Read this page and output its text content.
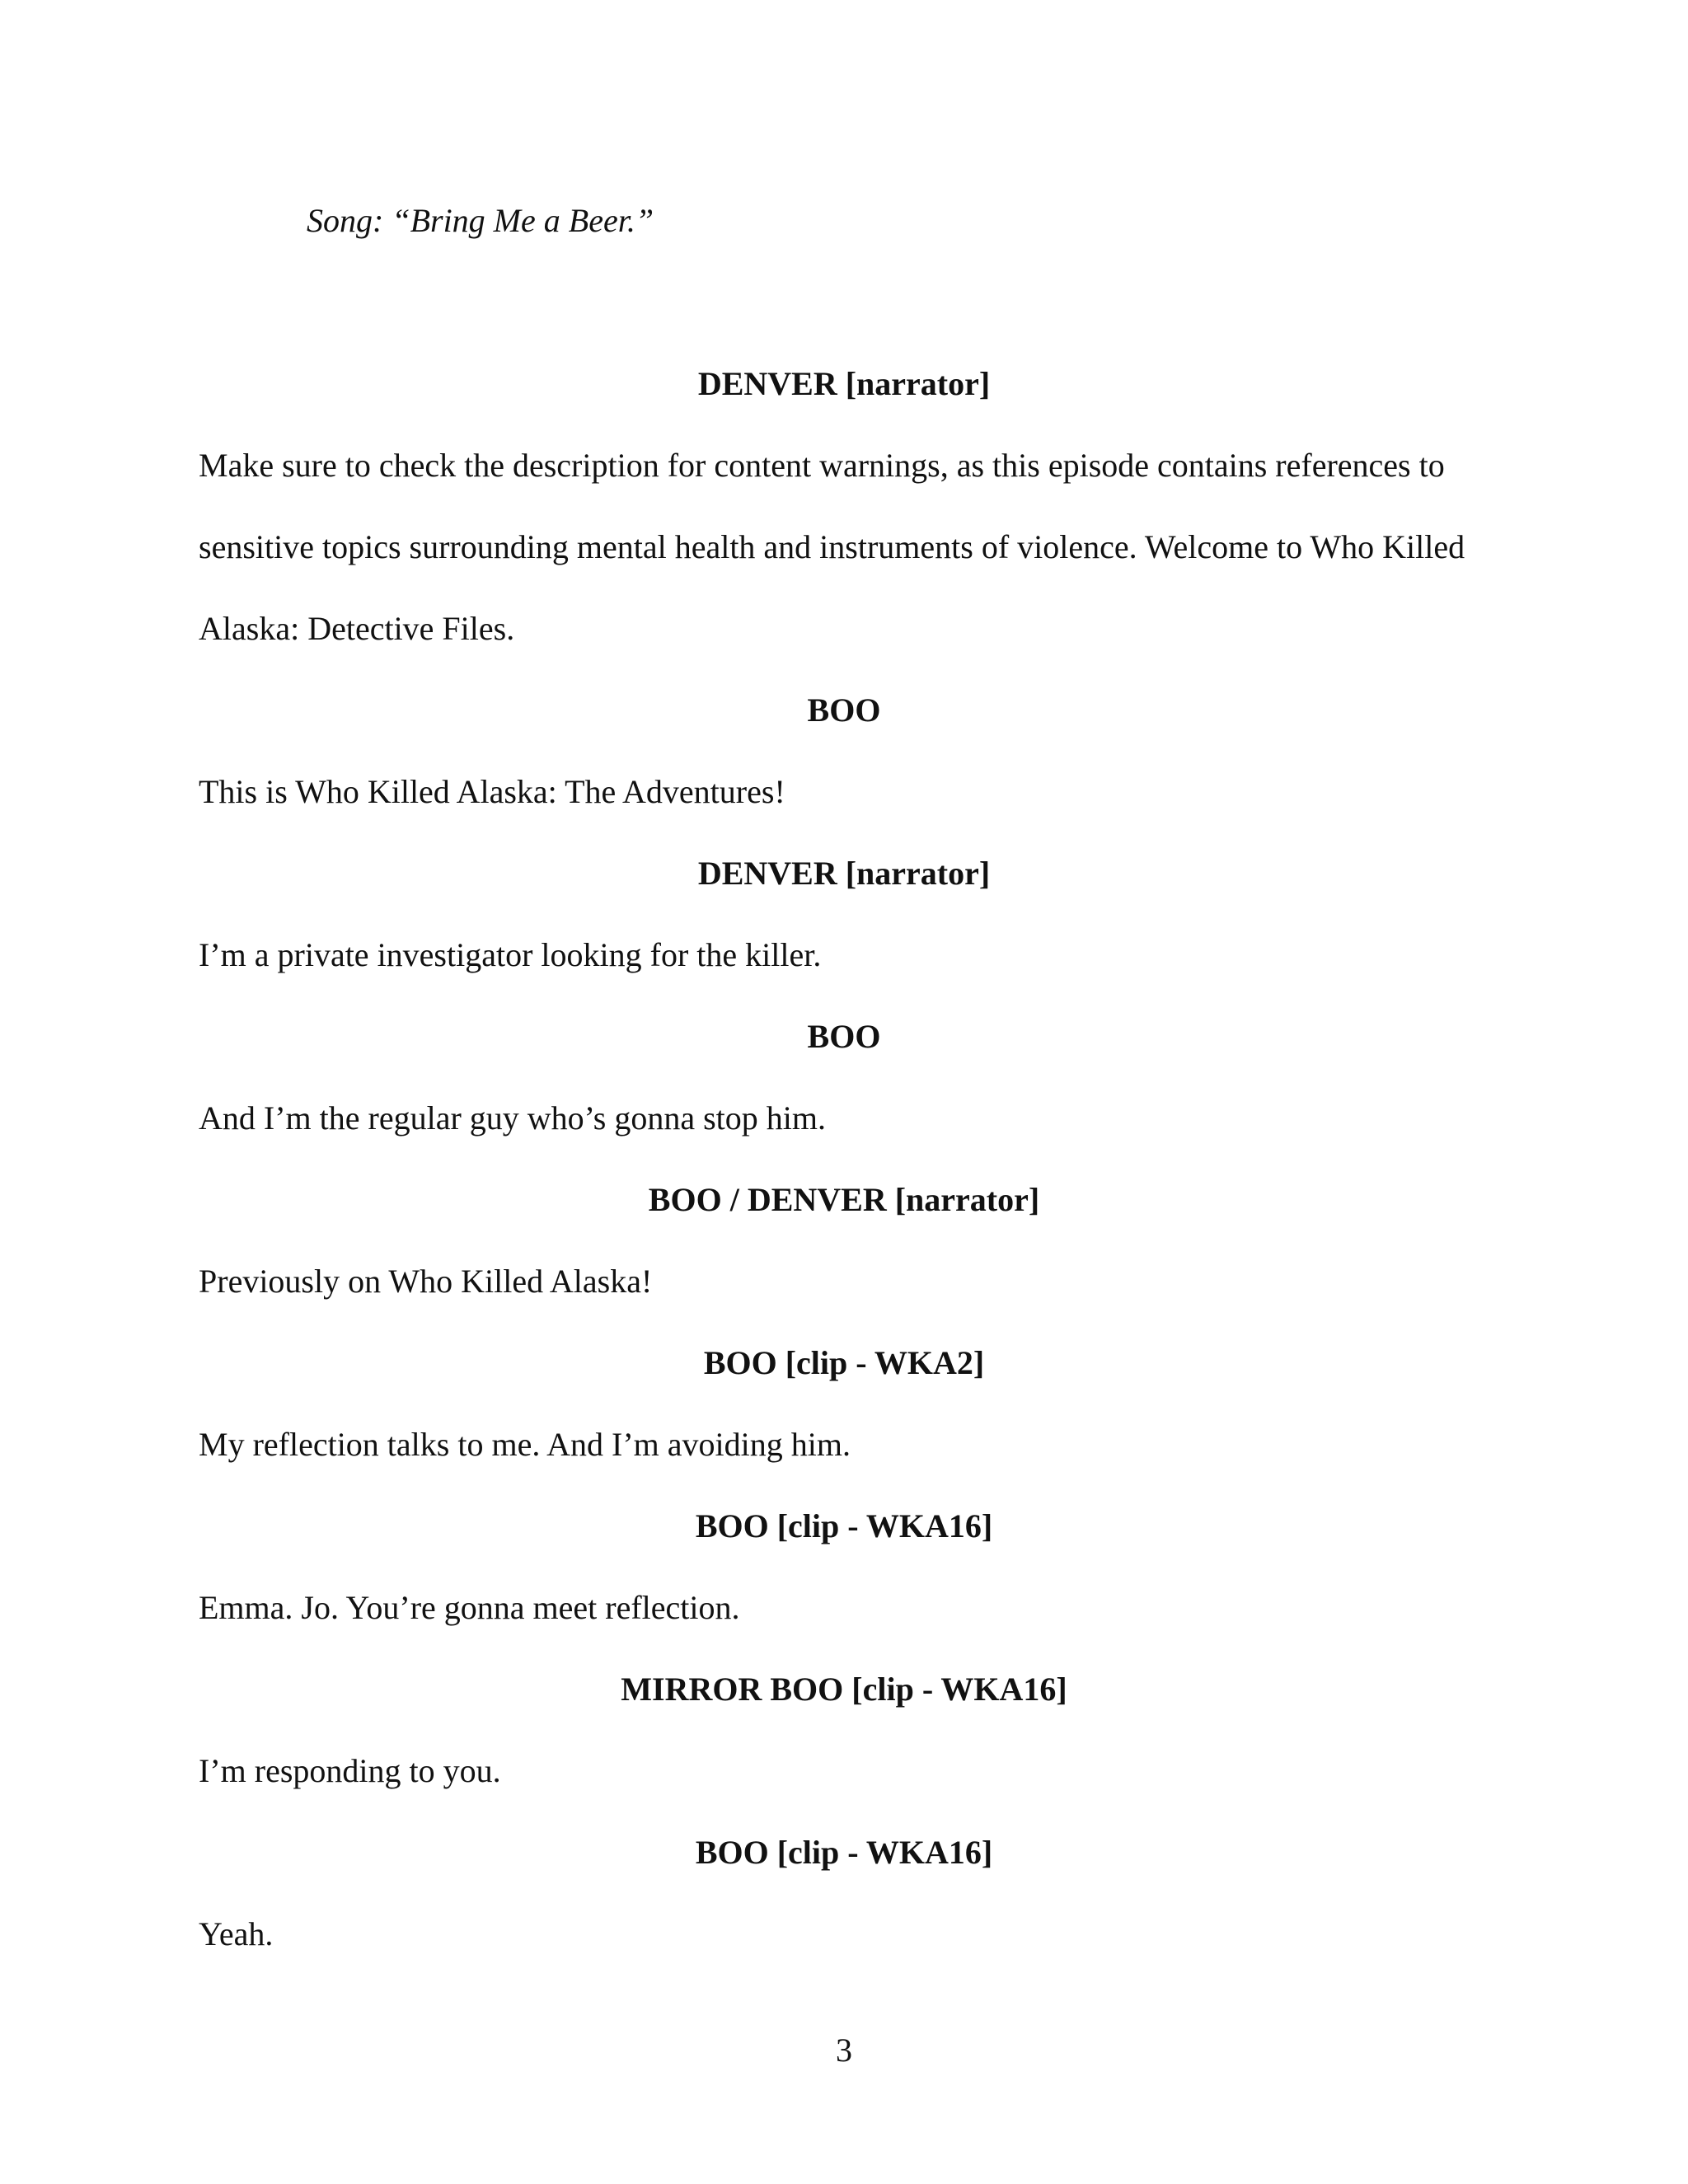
Song: “Bring Me a Beer.”
DENVER [narrator]
Make sure to check the description for content warnings, as this episode contains references to
sensitive topics surrounding mental health and instruments of violence. Welcome to Who Killed
Alaska: Detective Files.
BOO
This is Who Killed Alaska: The Adventures!
DENVER [narrator]
I’m a private investigator looking for the killer.
BOO
And I’m the regular guy who’s gonna stop him.
BOO / DENVER [narrator]
Previously on Who Killed Alaska!
BOO [clip - WKA2]
My reflection talks to me. And I’m avoiding him.
BOO [clip - WKA16]
Emma. Jo. You’re gonna meet reflection.
MIRROR BOO [clip - WKA16]
I’m responding to you.
BOO [clip - WKA16]
Yeah.
3
